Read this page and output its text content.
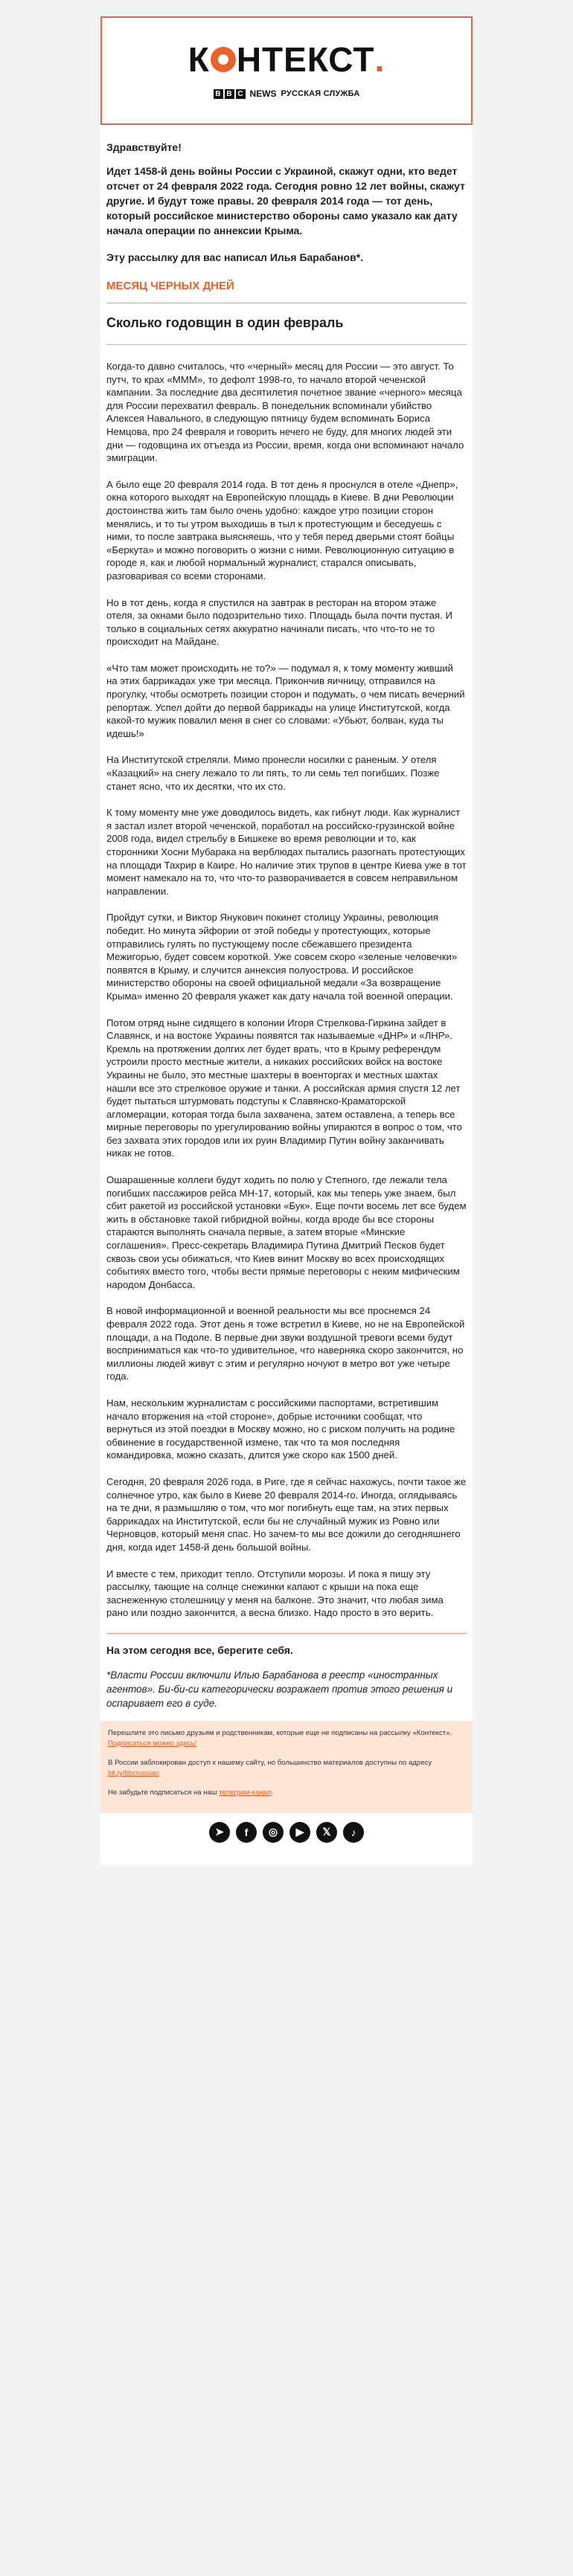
К НТЕКСТ .
B B C NEWS РУССКАЯ СЛУЖБА

Здравствуйте!

Идет 1458-й день войны России с Украиной, скажут одни, кто ведет отсчет от 24 февраля 2022 года. Сегодня ровно 12 лет войны, скажут другие. И будут тоже правы. 20 февраля 2014 года — тот день, который российское министерство обороны само указало как дату начала операции по аннексии Крыма.

Эту рассылку для вас написал Илья Барабанов*.

МЕСЯЦ ЧЕРНЫХ ДНЕЙ
Сколько годовщин в один февраль

Когда-то давно считалось, что «черный» месяц для России — это август. То путч, то крах «МММ», то дефолт 1998-го, то начало второй чеченской кампании. За последние два десятилетия почетное звание «черного» месяца для России перехватил февраль. В понедельник вспоминали убийство Алексея Навального, в следующую пятницу будем вспоминать Бориса Немцова, про 24 февраля и говорить нечего не буду, для многих людей эти дни — годовщина их отъезда из России, время, когда они вспоминают начало эмиграции.

А было еще 20 февраля 2014 года. В тот день я проснулся в отеле «Днепр», окна которого выходят на Европейскую площадь в Киеве. В дни Революции достоинства жить там было очень удобно: каждое утро позиции сторон менялись, и то ты утром выходишь в тыл к протестующим и беседуешь с ними, то после завтрака выясняешь, что у тебя перед дверьми стоят бойцы «Беркута» и можно поговорить о жизни с ними. Революционную ситуацию в городе я, как и любой нормальный журналист, старался описывать, разговаривая со всеми сторонами.

Но в тот день, когда я спустился на завтрак в ресторан на втором этаже отеля, за окнами было подозрительно тихо. Площадь была почти пустая. И только в социальных сетях аккуратно начинали писать, что что-то не то происходит на Майдане.

«Что там может происходить не то?» — подумал я, к тому моменту живший на этих баррикадах уже три месяца. Прикончив яичницу, отправился на прогулку, чтобы осмотреть позиции сторон и подумать, о чем писать вечерний репортаж. Успел дойти до первой баррикады на улице Институтской, когда какой-то мужик повалил меня в снег со словами: «Убьют, болван, куда ты идешь!»

На Институтской стреляли. Мимо пронесли носилки с раненым. У отеля «Казацкий» на снегу лежало то ли пять, то ли семь тел погибших. Позже станет ясно, что их десятки, что их сто.

К тому моменту мне уже доводилось видеть, как гибнут люди. Как журналист я застал излет второй чеченской, поработал на российско-грузинской войне 2008 года, видел стрельбу в Бишкеке во время революции и то, как сторонники Хосни Мубарака на верблюдах пытались разогнать протестующих на площади Тахрир в Каире. Но наличие этих трупов в центре Киева уже в тот момент намекало на то, что что-то разворачивается в совсем неправильном направлении.

Пройдут сутки, и Виктор Янукович покинет столицу Украины, революция победит. Но минута эйфории от этой победы у протестующих, которые отправились гулять по пустующему после сбежавшего президента Межигорью, будет совсем короткой. Уже совсем скоро «зеленые человечки» появятся в Крыму, и случится аннексия полуострова. И российское министерство обороны на своей официальной медали «За возвращение Крыма» именно 20 февраля укажет как дату начала той военной операции.

Потом отряд ныне сидящего в колонии Игоря Стрелкова-Гиркина зайдет в Славянск, и на востоке Украины появятся так называемые «ДНР» и «ЛНР». Кремль на протяжении долгих лет будет врать, что в Крыму референдум устроили просто местные жители, а никаких российских войск на востоке Украины не было, это местные шахтеры в военторгах и местных шахтах нашли все это стрелковое оружие и танки. А российская армия спустя 12 лет будет пытаться штурмовать подступы к Славянско-Краматорской агломерации, которая тогда была захвачена, затем оставлена, а теперь все мирные переговоры по урегулированию войны упираются в вопрос о том, что без захвата этих городов или их руин Владимир Путин войну заканчивать никак не готов.

Ошарашенные коллеги будут ходить по полю у Степного, где лежали тела погибших пассажиров рейса MH-17, который, как мы теперь уже знаем, был сбит ракетой из российской установки «Бук». Еще почти восемь лет все будем жить в обстановке такой гибридной войны, когда вроде бы все стороны стараются выполнять сначала первые, а затем вторые «Минские соглашения». Пресс-секретарь Владимира Путина Дмитрий Песков будет сквозь свои усы обижаться, что Киев винит Москву во всех происходящих событиях вместо того, чтобы вести прямые переговоры с неким мифическим народом Донбасса.

В новой информационной и военной реальности мы все проснемся 24 февраля 2022 года. Этот день я тоже встретил в Киеве, но не на Европейской площади, а на Подоле. В первые дни звуки воздушной тревоги всеми будут восприниматься как что-то удивительное, что наверняка скоро закончится, но миллионы людей живут с этим и регулярно ночуют в метро вот уже четыре года.

Нам, нескольким журналистам с российскими паспортами, встретившим начало вторжения на «той стороне», добрые источники сообщат, что вернуться из этой поездки в Москву можно, но с риском получить на родине обвинение в государственной измене, так что та моя последняя командировка, можно сказать, длится уже скоро как 1500 дней.

Сегодня, 20 февраля 2026 года, в Риге, где я сейчас нахожусь, почти такое же солнечное утро, как было в Киеве 20 февраля 2014-го. Иногда, оглядываясь на те дни, я размышляю о том, что мог погибнуть еще там, на этих первых баррикадах на Институтской, если бы не случайный мужик из Ровно или Черновцов, который меня спас. Но зачем-то мы все дожили до сегодняшнего дня, когда идет 1458-й день большой войны.

И вместе с тем, приходит тепло. Отступили морозы. И пока я пишу эту рассылку, тающие на солнце снежинки капают с крыши на пока еще заснеженную столешницу у меня на балконе. Это значит, что любая зима рано или поздно закончится, а весна близко. Надо просто в это верить.

На этом сегодня все, берегите себя.

*Власти России включили Илью Барабанова в реестр «иностранных агентов». Би-би-си категорически возражает против этого решения и оспаривает его в суде.

Перешлите это письмо друзьям и родственникам, которые еще не подписаны на рассылку «Контекст». Подписаться можно здесь!

В России заблокирован доступ к нашему сайту, но большинство материалов доступны по адресу bit.ly/bbcrussian

Не забудьте подписаться на наш телеграм-канал.

➤	f	◎	▶	𝕏	♪
